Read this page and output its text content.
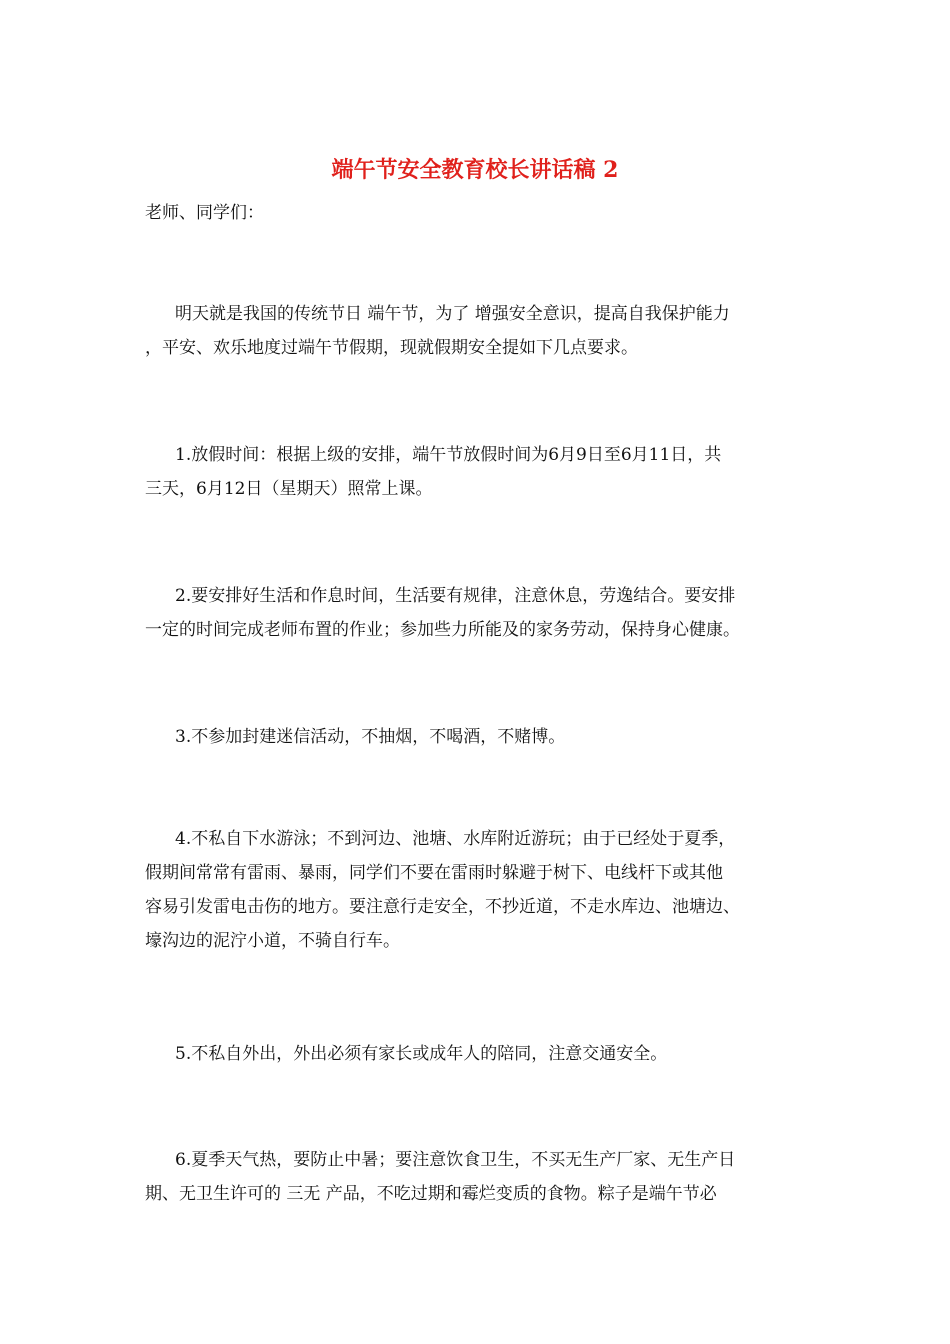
端午节安全教育校长讲话稿 2
老师、同学们：
明天就是我国的传统节日 端午节，为了 增强安全意识，提高自我保护能力
，平安、欢乐地度过端午节假期，现就假期安全提如下几点要求。
1.放假时间：根据上级的安排，端午节放假时间为6月9日至6月11日，共
三天，6月12日（星期天）照常上课。
2.要安排好生活和作息时间，生活要有规律，注意休息，劳逸结合。要安排
一定的时间完成老师布置的作业；参加些力所能及的家务劳动，保持身心健康。
3.不参加封建迷信活动，不抽烟，不喝酒，不赌博。
4.不私自下水游泳；不到河边、池塘、水库附近游玩；由于已经处于夏季，
假期间常常有雷雨、暴雨，同学们不要在雷雨时躲避于树下、电线杆下或其他
容易引发雷电击伤的地方。要注意行走安全，不抄近道，不走水库边、池塘边、
壕沟边的泥泞小道，不骑自行车。
5.不私自外出，外出必须有家长或成年人的陪同，注意交通安全。
6.夏季天气热，要防止中暑；要注意饮食卫生，不买无生产厂家、无生产日
期、无卫生许可的 三无 产品，不吃过期和霉烂变质的食物。粽子是端午节必
